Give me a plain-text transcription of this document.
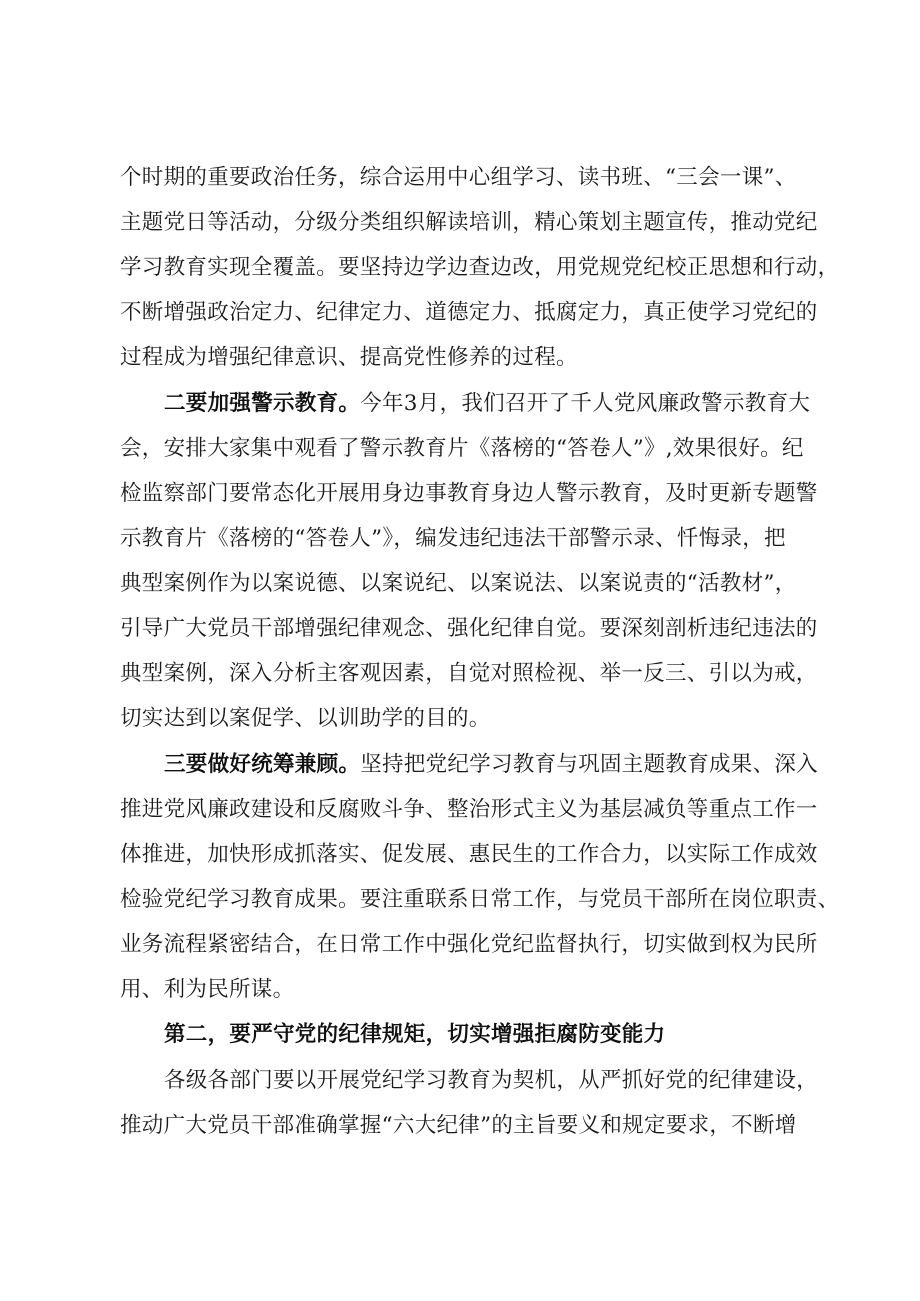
个时期的重要政治任务，综合运用中心组学习、读书班、“三会一课”、
主题党日等活动，分级分类组织解读培训，精心策划主题宣传，推动党纪
学习教育实现全覆盖。要坚持边学边查边改，用党规党纪校正思想和行动，
不断增强政治定力、纪律定力、道德定力、抵腐定力，真正使学习党纪的
过程成为增强纪律意识、提高党性修养的过程。
二要加强警示教育。今年3月，我们召开了千人党风廉政警示教育大
会，安排大家集中观看了警示教育片《落榜的“答卷人”》,效果很好。纪
检监察部门要常态化开展用身边事教育身边人警示教育，及时更新专题警
示教育片《落榜的“答卷人”》，编发违纪违法干部警示录、忏悔录，把
典型案例作为以案说德、以案说纪、以案说法、以案说责的“活教材”，
引导广大党员干部增强纪律观念、强化纪律自觉。要深刻剖析违纪违法的
典型案例，深入分析主客观因素，自觉对照检视、举一反三、引以为戒，
切实达到以案促学、以训助学的目的。
三要做好统筹兼顾。坚持把党纪学习教育与巩固主题教育成果、深入
推进党风廉政建设和反腐败斗争、整治形式主义为基层减负等重点工作一
体推进，加快形成抓落实、促发展、惠民生的工作合力，以实际工作成效
检验党纪学习教育成果。要注重联系日常工作，与党员干部所在岗位职责、
业务流程紧密结合，在日常工作中强化党纪监督执行，切实做到权为民所
用、利为民所谋。
第二，要严守党的纪律规矩，切实增强拒腐防变能力
各级各部门要以开展党纪学习教育为契机，从严抓好党的纪律建设，
推动广大党员干部准确掌握“六大纪律”的主旨要义和规定要求，不断增
